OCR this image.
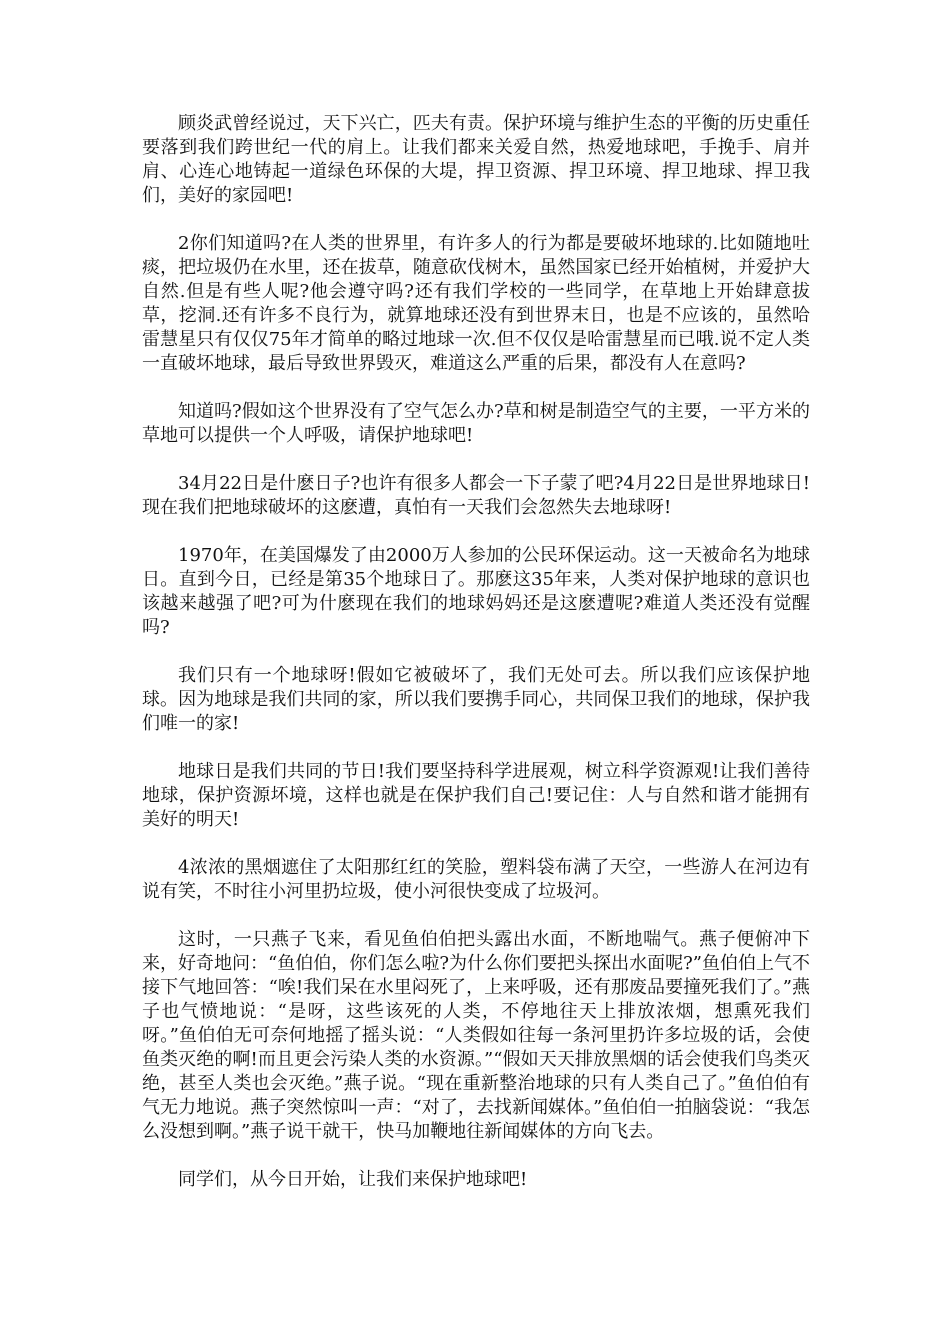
顾炎武曾经说过，天下兴亡，匹夫有责。保护环境与维护生态的平衡的历史重任要落到我们跨世纪一代的肩上。让我们都来关爱自然，热爱地球吧，手挽手、肩并肩、心连心地铸起一道绿色环保的大堤，捍卫资源、捍卫环境、捍卫地球、捍卫我们，美好的家园吧!

2你们知道吗?在人类的世界里，有许多人的行为都是要破坏地球的.比如随地吐痰，把垃圾仍在水里，还在拔草，随意砍伐树木，虽然国家已经开始植树，并爱护大自然.但是有些人呢?他会遵守吗?还有我们学校的一些同学，在草地上开始肆意拔草，挖洞.还有许多不良行为，就算地球还没有到世界末日，也是不应该的，虽然哈雷慧星只有仅仅75年才简单的略过地球一次.但不仅仅是哈雷慧星而已哦.说不定人类一直破坏地球，最后导致世界毁灭，难道这么严重的后果，都没有人在意吗?

知道吗?假如这个世界没有了空气怎么办?草和树是制造空气的主要，一平方米的草地可以提供一个人呼吸，请保护地球吧!

34月22日是什麽日子?也许有很多人都会一下子蒙了吧?4月22日是世界地球日!现在我们把地球破坏的这麽遭，真怕有一天我们会忽然失去地球呀!

1970年，在美国爆发了由2000万人参加的公民环保运动。这一天被命名为地球日。直到今日，已经是第35个地球日了。那麽这35年来，人类对保护地球的意识也该越来越强了吧?可为什麽现在我们的地球妈妈还是这麽遭呢?难道人类还没有觉醒吗?

我们只有一个地球呀!假如它被破坏了，我们无处可去。所以我们应该保护地球。因为地球是我们共同的家，所以我们要携手同心，共同保卫我们的地球，保护我们唯一的家!

地球日是我们共同的节日!我们要坚持科学进展观，树立科学资源观!让我们善待地球，保护资源坏境，这样也就是在保护我们自己!要记住：人与自然和谐才能拥有美好的明天!

4浓浓的黑烟遮住了太阳那红红的笑脸，塑料袋布满了天空，一些游人在河边有说有笑，不时往小河里扔垃圾，使小河很快变成了垃圾河。

这时，一只燕子飞来，看见鱼伯伯把头露出水面，不断地喘气。燕子便俯冲下来，好奇地问：“鱼伯伯，你们怎么啦?为什么你们要把头探出水面呢?”鱼伯伯上气不接下气地回答：“唉!我们呆在水里闷死了，上来呼吸，还有那废品要撞死我们了。”燕子也气愤地说：“是呀，这些该死的人类，不停地往天上排放浓烟，想熏死我们呀。”鱼伯伯无可奈何地摇了摇头说：“人类假如往每一条河里扔许多垃圾的话，会使鱼类灭绝的啊!而且更会污染人类的水资源。”“假如天天排放黑烟的话会使我们鸟类灭绝，甚至人类也会灭绝。”燕子说。“现在重新整治地球的只有人类自己了。”鱼伯伯有气无力地说。燕子突然惊叫一声：“对了，去找新闻媒体。”鱼伯伯一拍脑袋说：“我怎么没想到啊。”燕子说干就干，快马加鞭地往新闻媒体的方向飞去。

同学们，从今日开始，让我们来保护地球吧!
